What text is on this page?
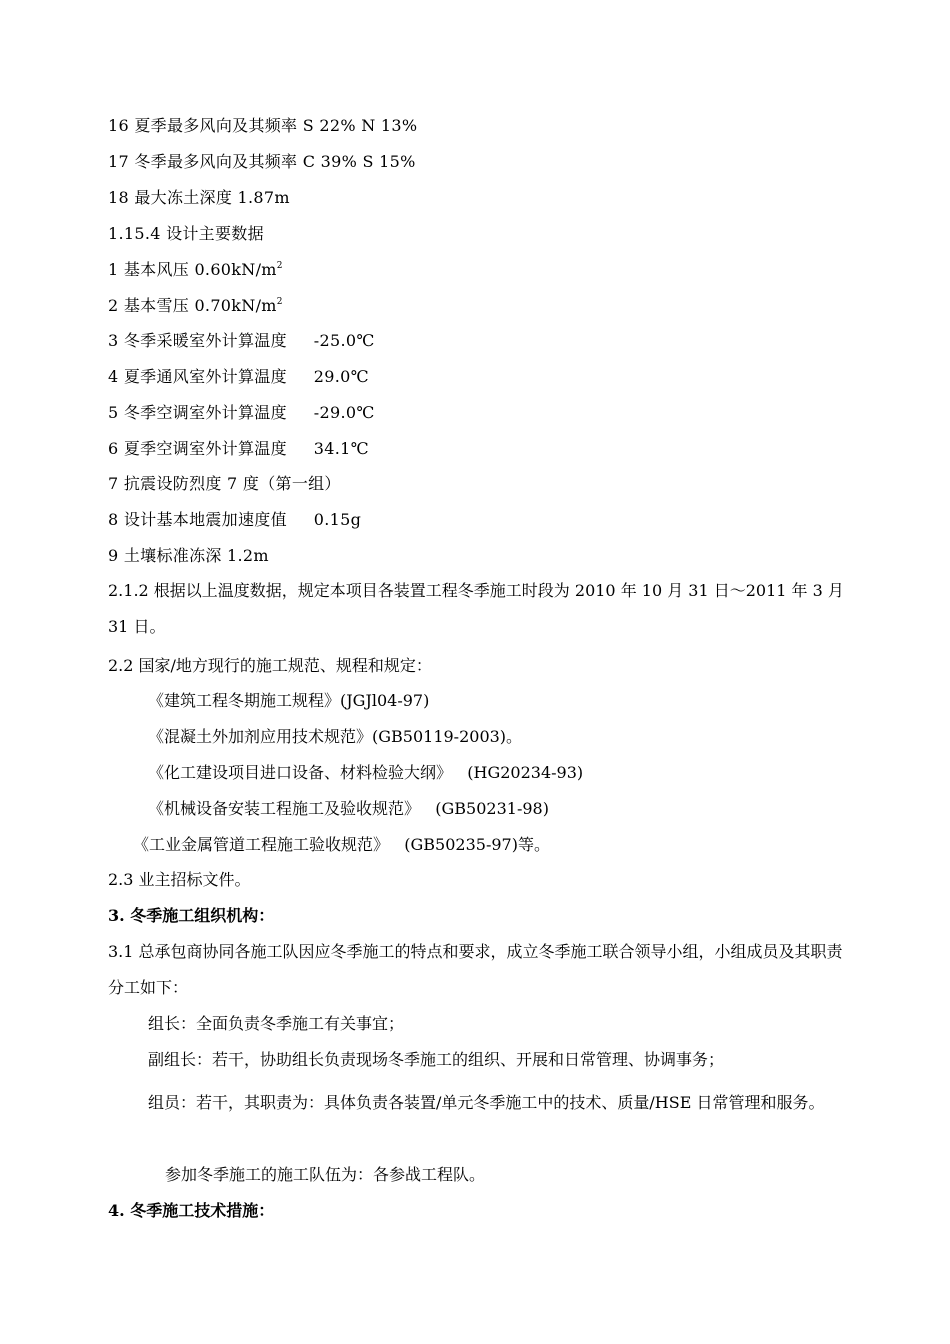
16 夏季最多风向及其频率 S 22% N 13%
17 冬季最多风向及其频率 C 39% S 15%
18 最大冻土深度 1.87m
1.15.4 设计主要数据
1 基本风压 $0.60kN/m^2$
2 基本雪压 $0.70kN/m^2$
3 冬季采暖室外计算温度     -25.0℃
4 夏季通风室外计算温度     29.0℃
5 冬季空调室外计算温度     -29.0℃
6 夏季空调室外计算温度     34.1℃
7 抗震设防烈度 7 度（第一组）
8 设计基本地震加速度值     0.15g
9 土壤标准冻深 1.2m
2.1.2 根据以上温度数据，规定本项目各装置工程冬季施工时段为 2010 年 10 月 31 日～2011 年 3 月 31 日。
2.2 国家/地方现行的施工规范、规程和规定：
《建筑工程冬期施工规程》(JGJl04-97)
《混凝土外加剂应用技术规范》(GB50119-2003)。
《化工建设项目进口设备、材料检验大纲》   (HG20234-93)
《机械设备安装工程施工及验收规范》   (GB50231-98)
《工业金属管道工程施工验收规范》   (GB50235-97)等。
2.3 业主招标文件。
3. 冬季施工组织机构：
3.1 总承包商协同各施工队因应冬季施工的特点和要求，成立冬季施工联合领导小组，小组成员及其职责分工如下：
组长：全面负责冬季施工有关事宜；
副组长：若干，协助组长负责现场冬季施工的组织、开展和日常管理、协调事务；
组员：若干，其职责为：具体负责各装置/单元冬季施工中的技术、质量/HSE 日常管理和服务。
参加冬季施工的施工队伍为：各参战工程队。
4. 冬季施工技术措施：
